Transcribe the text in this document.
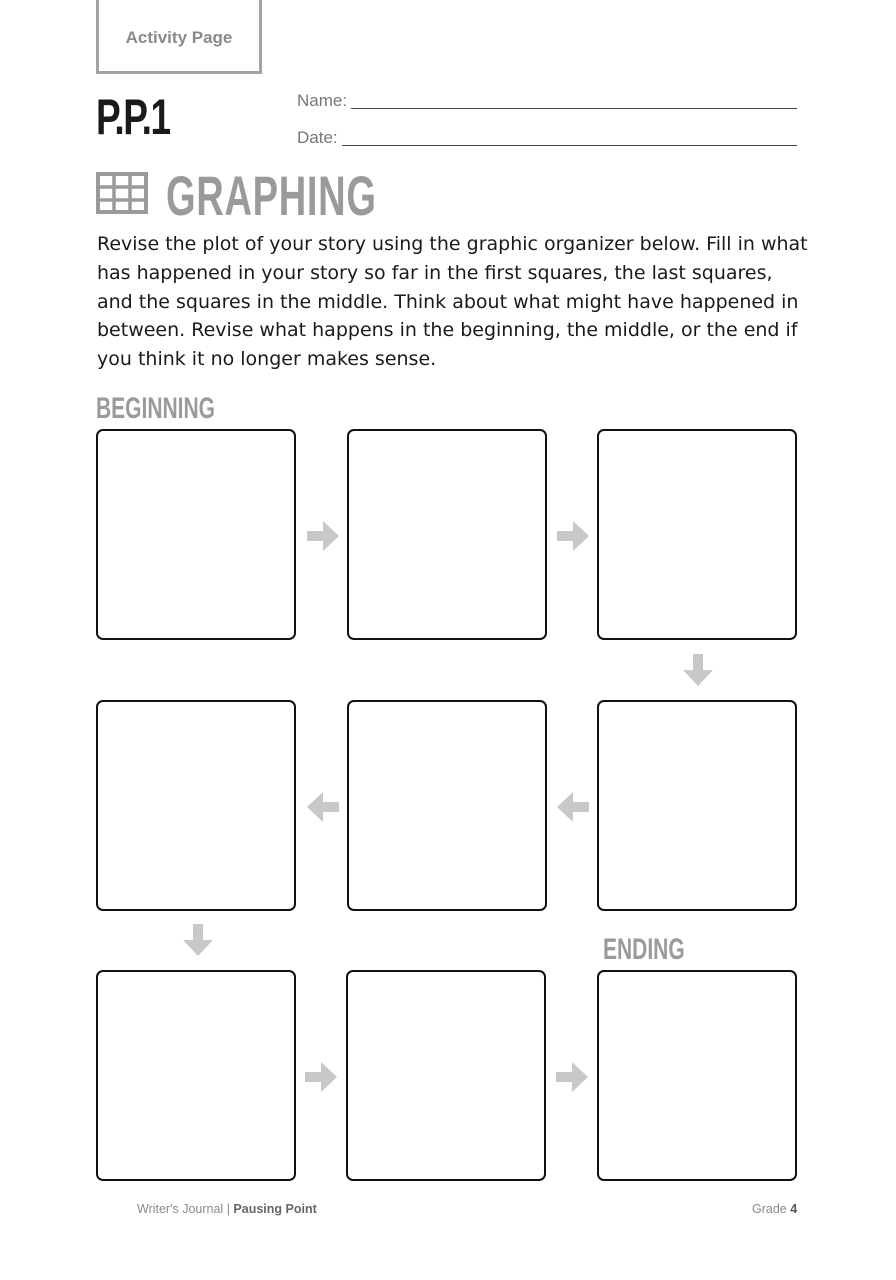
Activity Page
P.P.1	Name:
Date:
GRAPHING

Revise the plot of your story using the graphic organizer below. Fill in what has happened in your story so far in the first squares, the last squares, and the squares in the middle. Think about what might have happened in between. Revise what happens in the beginning, the middle, or the end if you think it no longer makes sense.

BEGINNING
ENDING
Writer's Journal | Pausing Point	Grade 4
